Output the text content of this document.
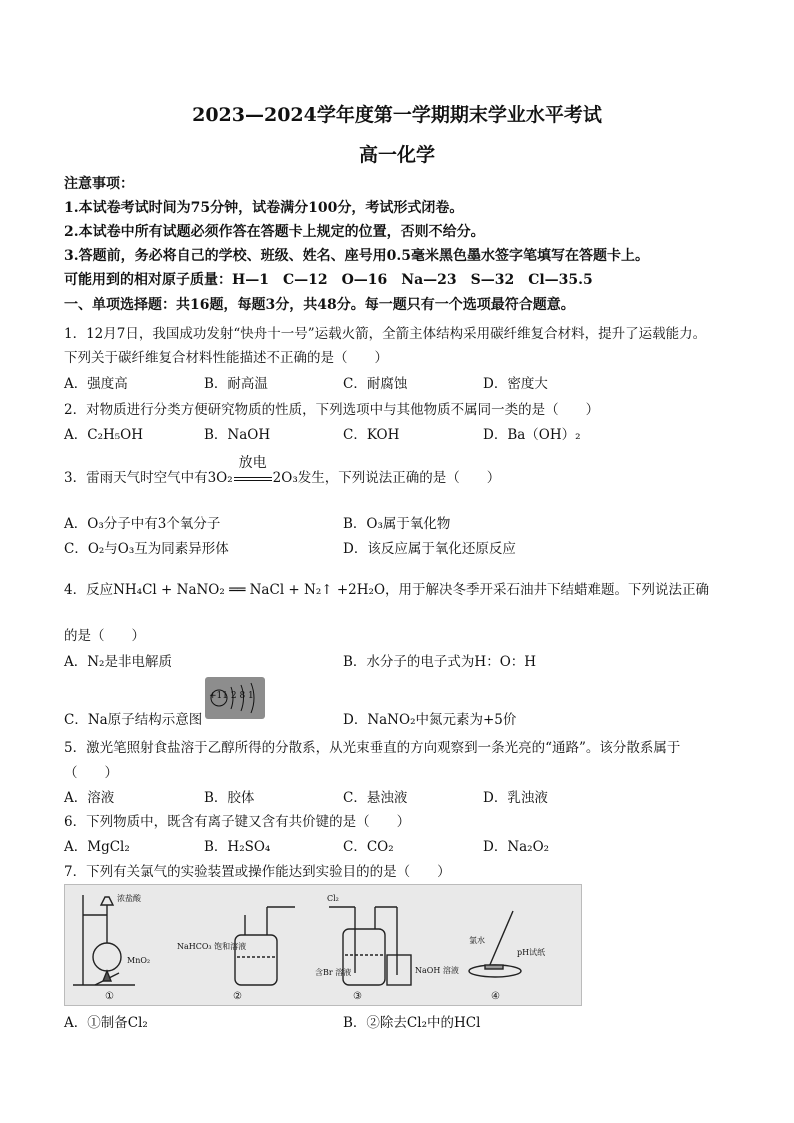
2023—2024学年度第一学期期末学业水平考试
高一化学
注意事项：
1.本试卷考试时间为75分钟，试卷满分100分，考试形式闭卷。
2.本试卷中所有试题必须作答在答题卡上规定的位置，否则不给分。
3.答题前，务必将自己的学校、班级、姓名、座号用0.5毫米黑色墨水签字笔填写在答题卡上。
可能用到的相对原子质量：H—1　C—12　O—16　Na—23　S—32　Cl—35.5
一、单项选择题：共16题，每题3分，共48分。每一题只有一个选项最符合题意。
1．12月7日，我国成功发射“快舟十一号”运载火箭，全箭主体结构采用碳纤维复合材料，提升了运载能力。
下列关于碳纤维复合材料性能描述不正确的是（　　）
A．强度高	B．耐高温	C．耐腐蚀	D．密度大
2．对物质进行分类方便研究物质的性质，下列选项中与其他物质不属同一类的是（　　）
A．C₂H₅OH	B．NaOH	C．KOH	D．Ba（OH）₂
3．雷雨天气时空气中有3O₂
放电
2O₃发生，下列说法正确的是（　　）
A．O₃分子中有3个氧分子	B．O₃属于氧化物
C．O₂与O₃互为同素异形体	D．该反应属于氧化还原反应
4．反应NH₄Cl + NaNO₂ ══ NaCl + N₂↑ +2H₂O，用于解决冬季开采石油井下结蜡难题。下列说法正确
的是（　　）
A．N₂是非电解质	B．水分子的电子式为H：O：H
C．Na原子结构示意图
+11 2 8 1
D．NaNO₂中氮元素为+5价
5．激光笔照射食盐溶于乙醇所得的分散系，从光束垂直的方向观察到一条光亮的“通路”。该分散系属于
（　　）
A．溶液	B．胶体	C．悬浊液	D．乳浊液
6．下列物质中，既含有离子键又含有共价键的是（　　）
A．MgCl₂	B．H₂SO₄	C．CO₂	D．Na₂O₂
7．下列有关氯气的实验装置或操作能达到实验目的的是（　　）
浓盐酸
MnO₂
①
NaHCO₃ 饱和溶液
②
Cl₂
含Br 溶液	NaOH 溶液
③
氯水
pH试纸
④
A．①制备Cl₂	B．②除去Cl₂中的HCl
